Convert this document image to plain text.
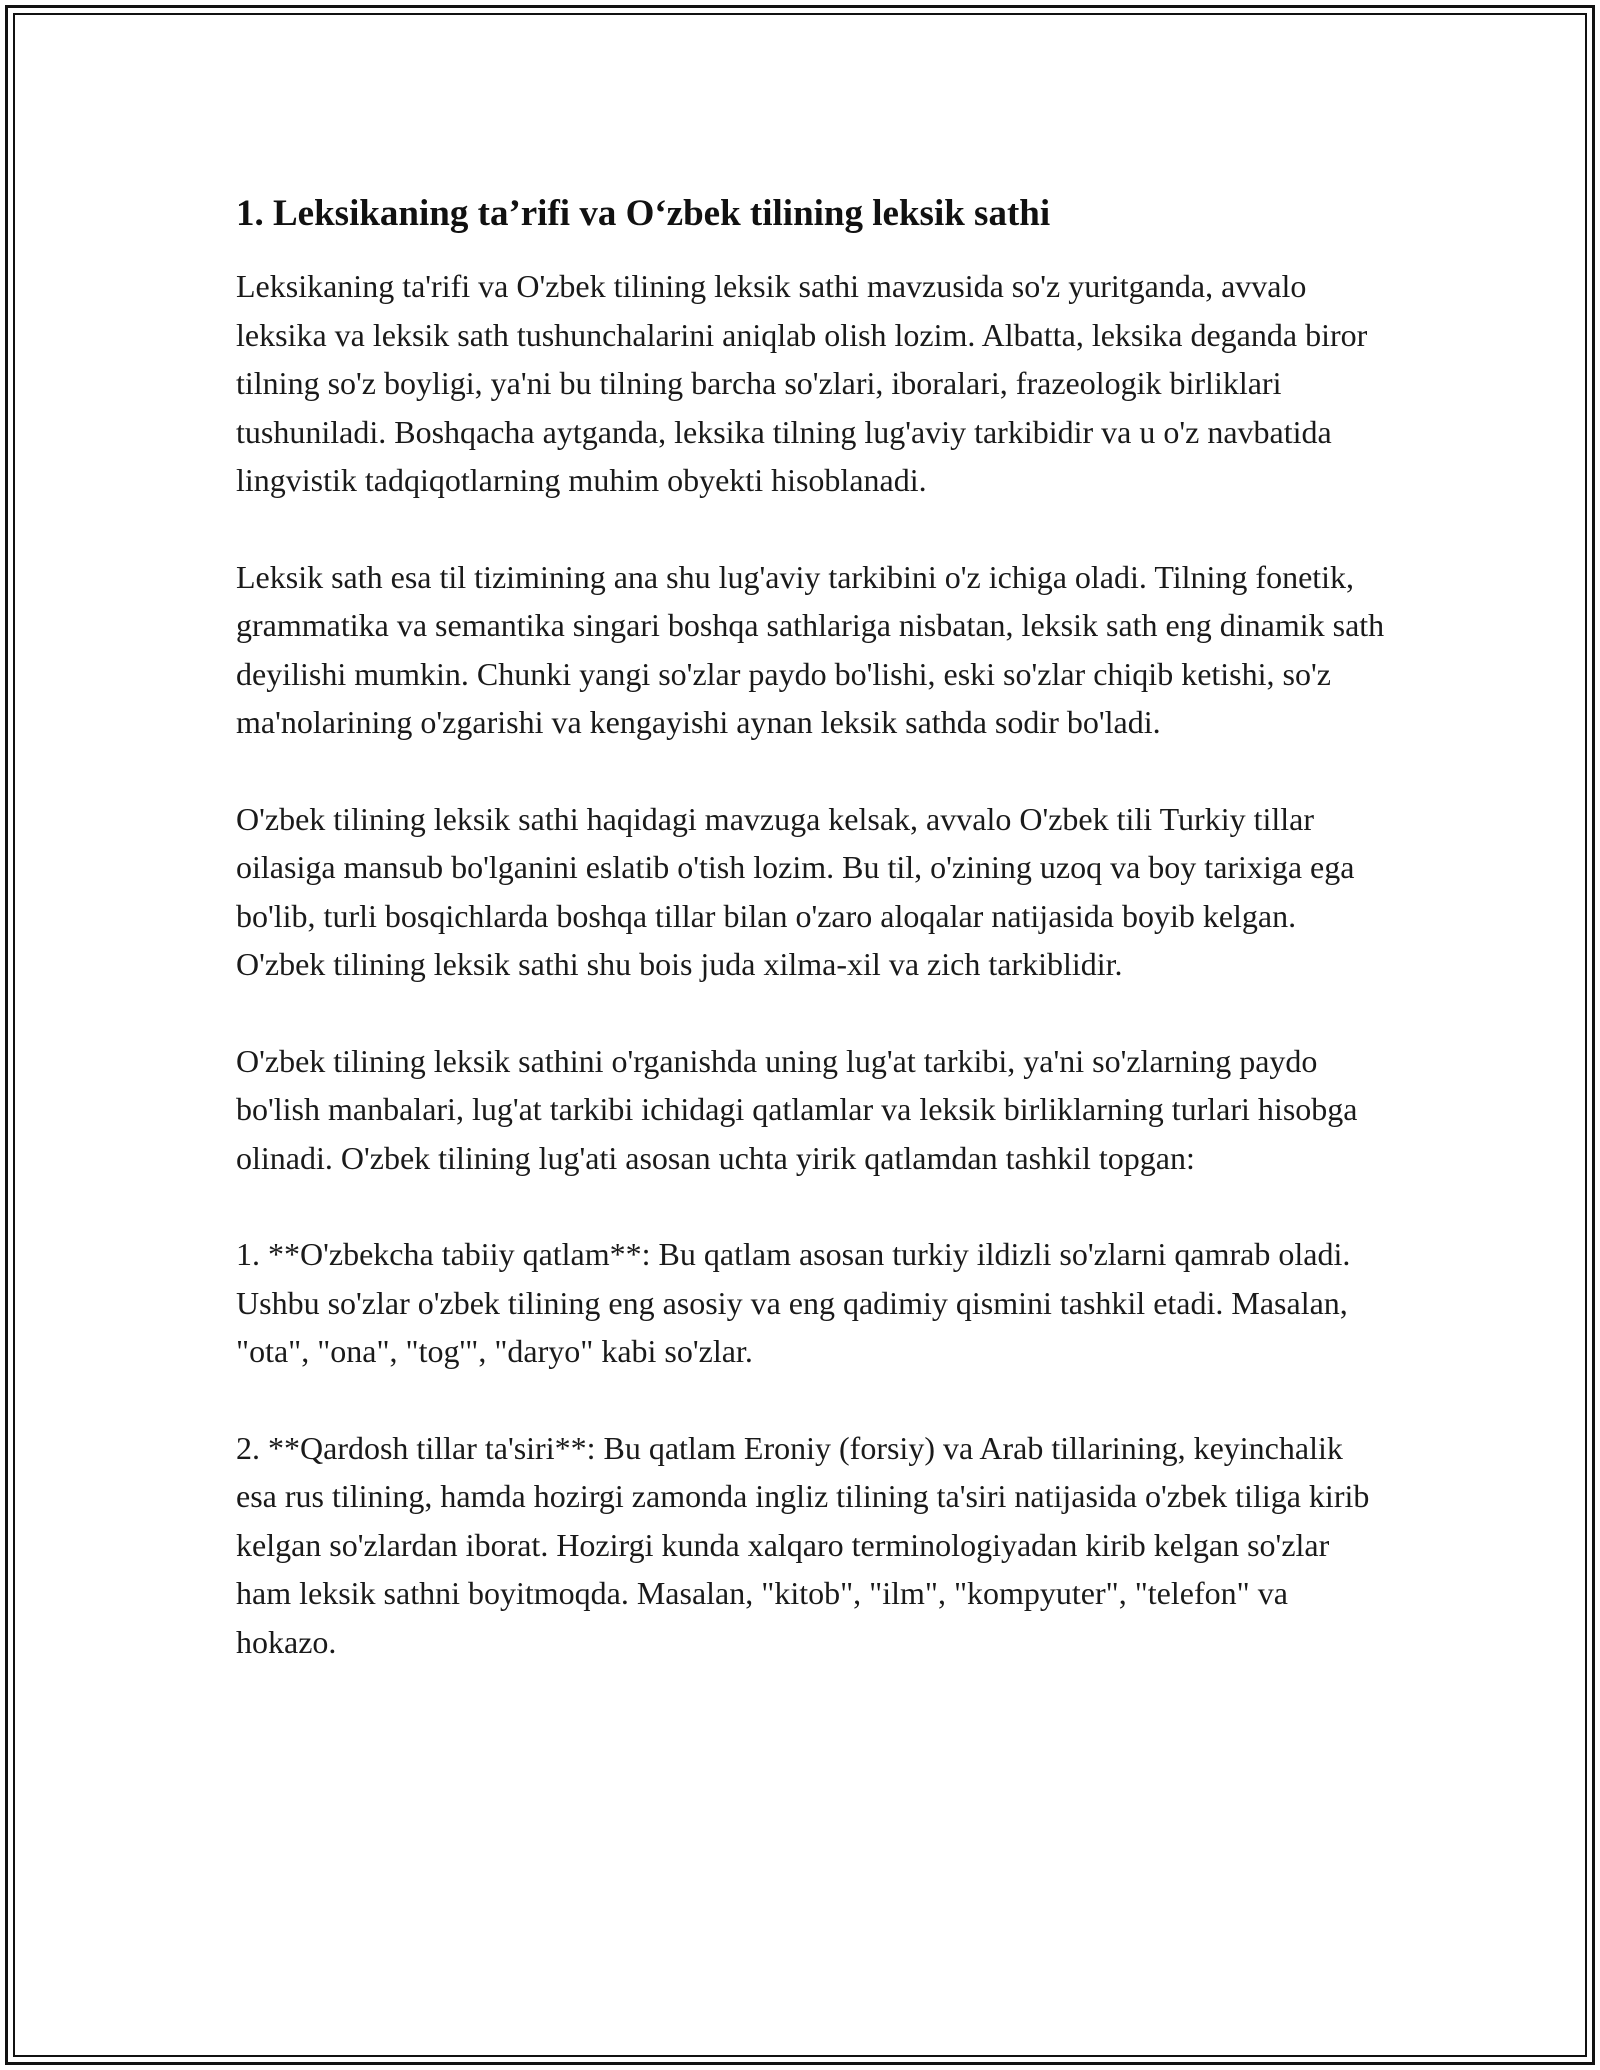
1. Leksikaning ta’rifi va O‘zbek tilining leksik sathi

Leksikaning ta'rifi va O'zbek tilining leksik sathi mavzusida so'z yuritganda, avvalo leksika va leksik sath tushunchalarini aniqlab olish lozim. Albatta, leksika deganda biror tilning so'z boyligi, ya'ni bu tilning barcha so'zlari, iboralari, frazeologik birliklari tushuniladi. Boshqacha aytganda, leksika tilning lug'aviy tarkibidir va u o'z navbatida lingvistik tadqiqotlarning muhim obyekti hisoblanadi.

Leksik sath esa til tizimining ana shu lug'aviy tarkibini o'z ichiga oladi. Tilning fonetik, grammatika va semantika singari boshqa sathlariga nisbatan, leksik sath eng dinamik sath deyilishi mumkin. Chunki yangi so'zlar paydo bo'lishi, eski so'zlar chiqib ketishi, so'z ma'nolarining o'zgarishi va kengayishi aynan leksik sathda sodir bo'ladi.

O'zbek tilining leksik sathi haqidagi mavzuga kelsak, avvalo O'zbek tili Turkiy tillar oilasiga mansub bo'lganini eslatib o'tish lozim. Bu til, o'zining uzoq va boy tarixiga ega bo'lib, turli bosqichlarda boshqa tillar bilan o'zaro aloqalar natijasida boyib kelgan. O'zbek tilining leksik sathi shu bois juda xilma-xil va zich tarkiblidir.

O'zbek tilining leksik sathini o'rganishda uning lug'at tarkibi, ya'ni so'zlarning paydo bo'lish manbalari, lug'at tarkibi ichidagi qatlamlar va leksik birliklarning turlari hisobga olinadi. O'zbek tilining lug'ati asosan uchta yirik qatlamdan tashkil topgan:

1. **O'zbekcha tabiiy qatlam**: Bu qatlam asosan turkiy ildizli so'zlarni qamrab oladi. Ushbu so'zlar o'zbek tilining eng asosiy va eng qadimiy qismini tashkil etadi. Masalan, "ota", "ona", "tog'", "daryo" kabi so'zlar.

2. **Qardosh tillar ta'siri**: Bu qatlam Eroniy (forsiy) va Arab tillarining, keyinchalik esa rus tilining, hamda hozirgi zamonda ingliz tilining ta'siri natijasida o'zbek tiliga kirib kelgan so'zlardan iborat. Hozirgi kunda xalqaro terminologiyadan kirib kelgan so'zlar ham leksik sathni boyitmoqda. Masalan, "kitob", "ilm", "kompyuter", "telefon" va hokazo.
